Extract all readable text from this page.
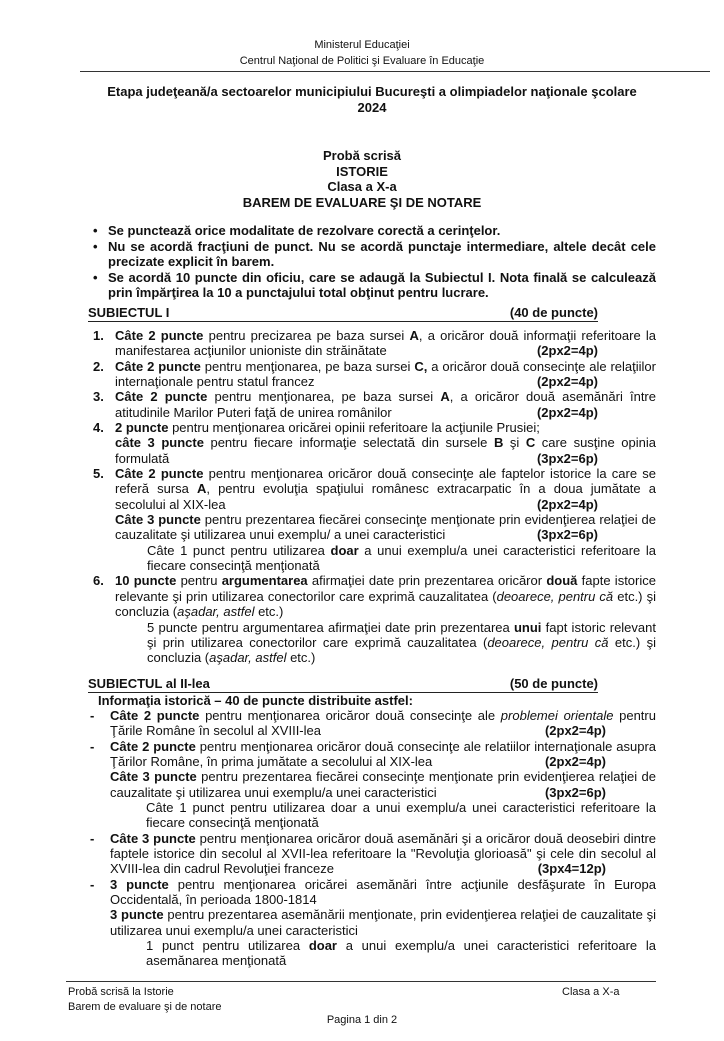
Ministerul Educaţiei
Centrul Naţional de Politici şi Evaluare în Educaţie
Etapa judeţeană/a sectoarelor municipiului Bucureşti a olimpiadelor naţionale şcolare
2024
Probă scrisă
ISTORIE
Clasa a X-a
BAREM DE EVALUARE ŞI DE NOTARE
• Se punctează orice modalitate de rezolvare corectă a cerinţelor.
• Nu se acordă fracţiuni de punct. Nu se acordă punctaje intermediare, altele decât cele precizate explicit în barem.
• Se acordă 10 puncte din oficiu, care se adaugă la Subiectul I. Nota finală se calculează prin împărţirea la 10 a punctajului total obţinut pentru lucrare.
SUBIECTUL I	(40 de puncte)
1. Câte 2 puncte pentru precizarea pe baza sursei A, a oricăror două informaţii referitoare la manifestarea acţiunilor unioniste din străinătate	(2px2=4p)
2. Câte 2 puncte pentru menţionarea, pe baza sursei C, a oricăror două consecinţe ale relaţiilor internaţionale pentru statul francez	(2px2=4p)
3. Câte 2 puncte pentru menţionarea, pe baza sursei A, a oricăror două asemănări între atitudinile Marilor Puteri faţă de unirea românilor	(2px2=4p)
4. 2 puncte pentru menţionarea oricărei opinii referitoare la acţiunile Prusiei;
câte 3 puncte pentru fiecare informaţie selectată din sursele B şi C care susţine opinia formulată	(3px2=6p)
5. Câte 2 puncte pentru menţionarea oricăror două consecinţe ale faptelor istorice la care se referă sursa A, pentru evoluţia spaţiului românesc extracarpatic în a doua jumătate a secolului al XIX-lea	(2px2=4p)
Câte 3 puncte pentru prezentarea fiecărei consecinţe menţionate prin evidenţierea relaţiei de cauzalitate şi utilizarea unui exemplu/ a unei caracteristici	(3px2=6p)
Câte 1 punct pentru utilizarea doar a unui exemplu/a unei caracteristici referitoare la fiecare consecinţă menţionată
6. 10 puncte pentru argumentarea afirmaţiei date prin prezentarea oricăror două fapte istorice relevante şi prin utilizarea conectorilor care exprimă cauzalitatea (deoarece, pentru că etc.) şi concluzia (aşadar, astfel etc.)
5 puncte pentru argumentarea afirmaţiei date prin prezentarea unui fapt istoric relevant şi prin utilizarea conectorilor care exprimă cauzalitatea (deoarece, pentru că etc.) şi concluzia (aşadar, astfel etc.)
SUBIECTUL al II-lea	(50 de puncte)
Informaţia istorică – 40 de puncte distribuite astfel:
- Câte 2 puncte pentru menţionarea oricăror două consecinţe ale problemei orientale pentru Ţările Române în secolul al XVIII-lea	(2px2=4p)
- Câte 2 puncte pentru menţionarea oricăror două consecinţe ale relatiilor internaţionale asupra Ţărilor Române, în prima jumătate a secolului al XIX-lea	(2px2=4p)
Câte 3 puncte pentru prezentarea fiecărei consecinţe menţionate prin evidenţierea relaţiei de cauzalitate şi utilizarea unui exemplu/a unei caracteristici	(3px2=6p)
Câte 1 punct pentru utilizarea doar a unui exemplu/a unei caracteristici referitoare la fiecare consecinţă menţionată
- Câte 3 puncte pentru menţionarea oricăror două asemănări şi a oricăror două deosebiri dintre faptele istorice din secolul al XVII-lea referitoare la "Revoluţia glorioasă" şi cele din secolul al XVIII-lea din cadrul Revoluţiei franceze	(3px4=12p)
- 3 puncte pentru menţionarea oricărei asemănări între acţiunile desfăşurate în Europa Occidentală, în perioada 1800-1814
3 puncte pentru prezentarea asemănării menţionate, prin evidenţierea relaţiei de cauzalitate şi utilizarea unui exemplu/a unei caracteristici
1 punct pentru utilizarea doar a unui exemplu/a unei caracteristici referitoare la asemănarea menţionată
Probă scrisă la Istorie
Barem de evaluare şi de notare
Clasa a X-a
Pagina 1 din 2
